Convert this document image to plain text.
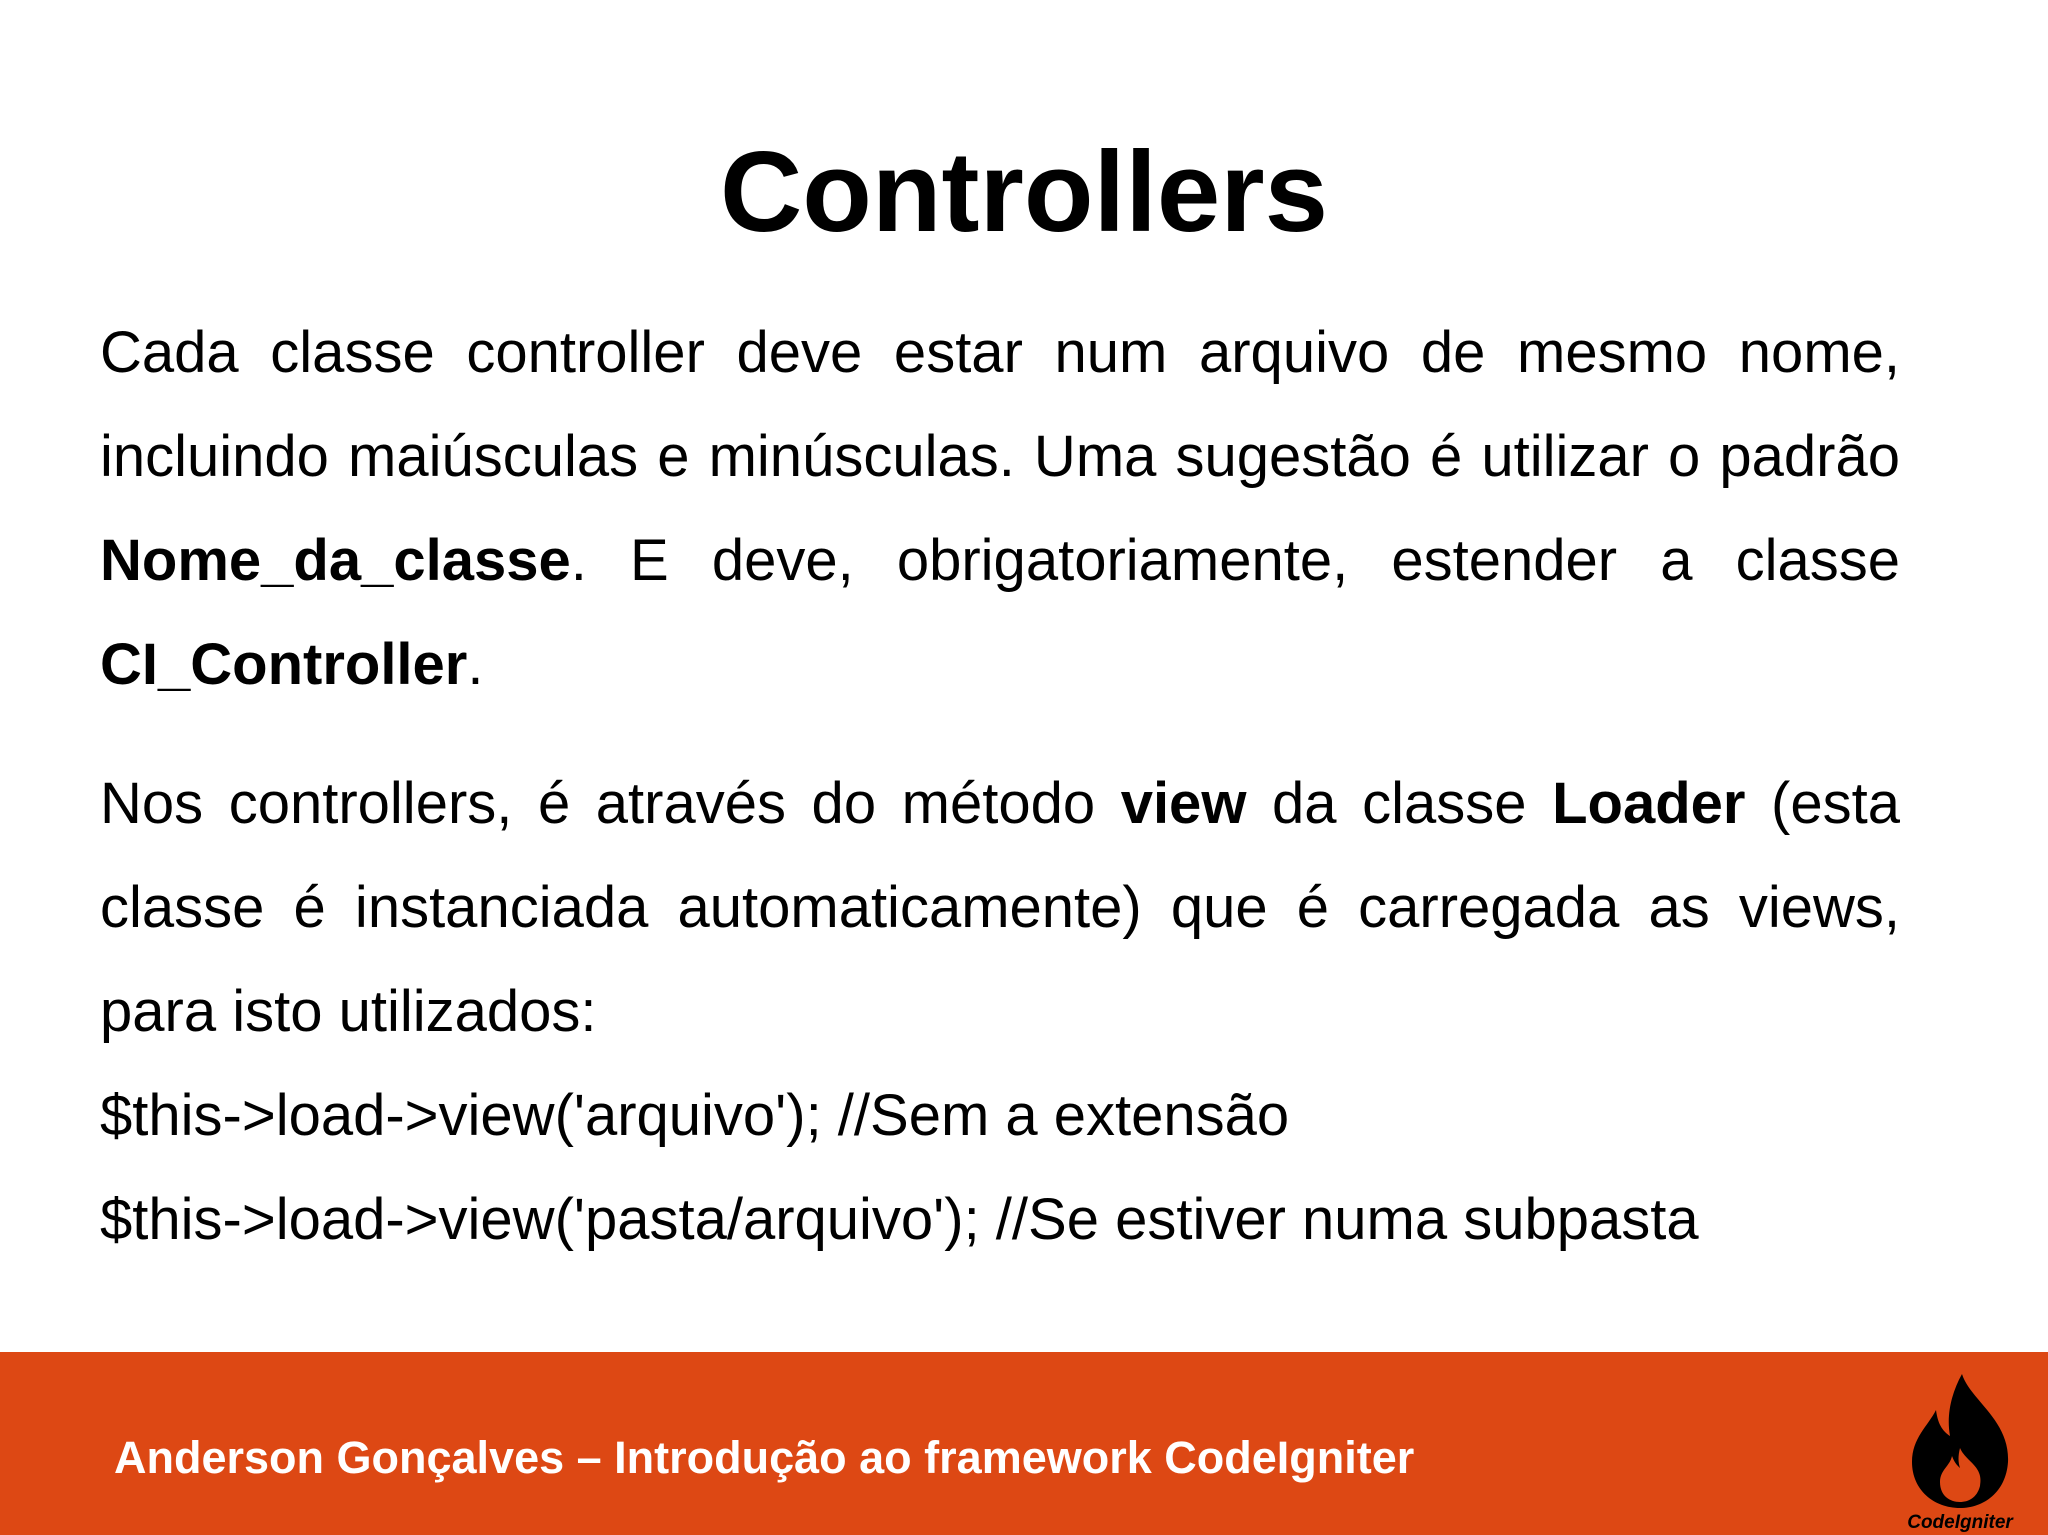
Controllers

Cada classe controller deve estar num arquivo de mesmo nome, incluindo maiúsculas e minúsculas. Uma sugestão é utilizar o padrão Nome_da_classe. E deve, obrigatoriamente, estender a classe CI_Controller.

Nos controllers, é através do método view da classe Loader (esta classe é instanciada automaticamente) que é carregada as views, para isto utilizados:

$this->load->view('arquivo'); //Sem a extensão

$this->load->view('pasta/arquivo'); //Se estiver numa subpasta

Anderson Gonçalves – Introdução ao framework CodeIgniter
CodeIgniter
